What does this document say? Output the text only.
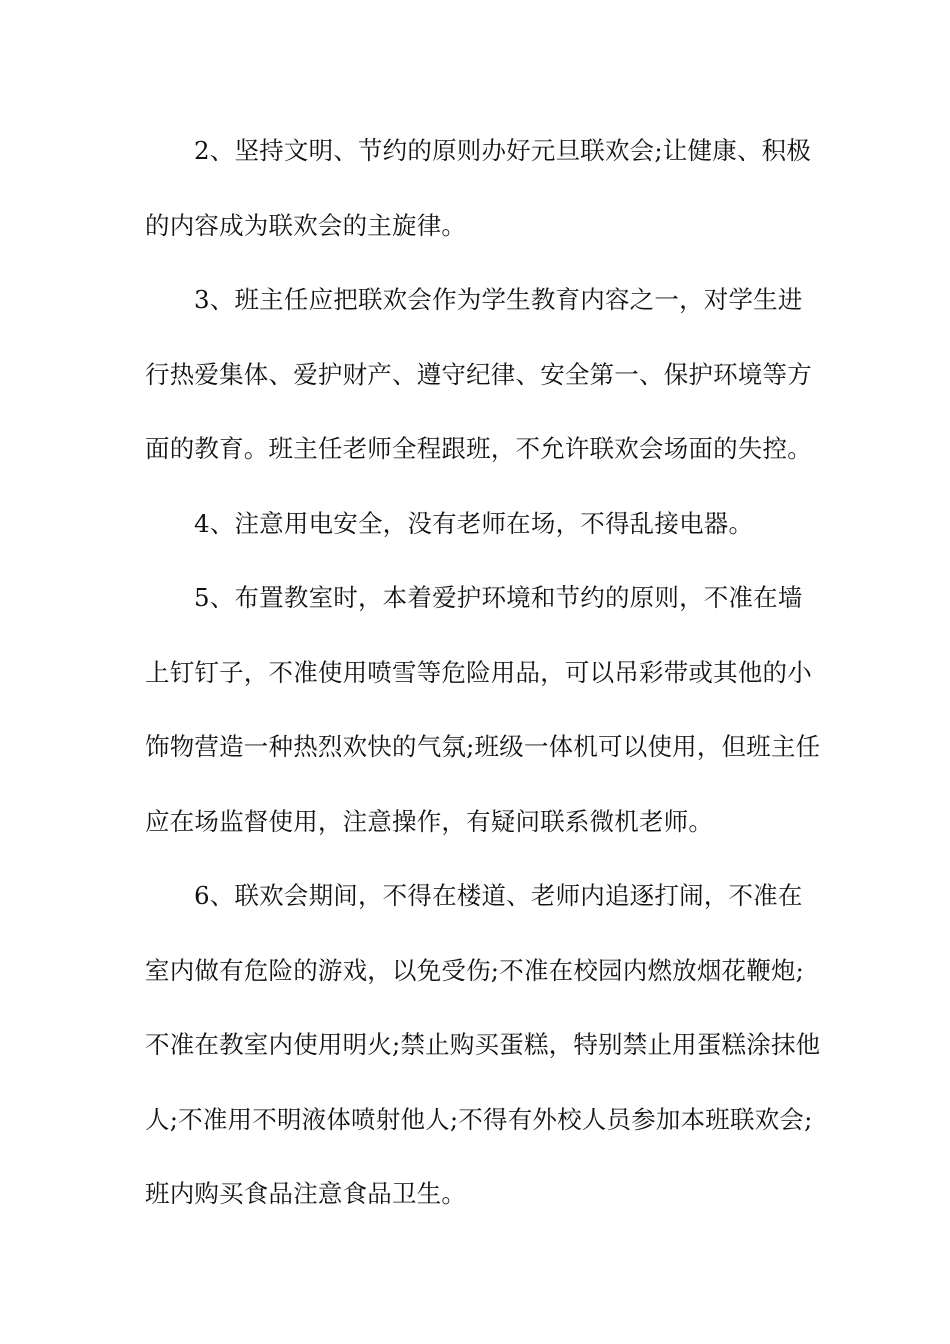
2、坚持文明、节约的原则办好元旦联欢会;让健康、积极的内容成为联欢会的主旋律。

3、班主任应把联欢会作为学生教育内容之一，对学生进行热爱集体、爱护财产、遵守纪律、安全第一、保护环境等方面的教育。班主任老师全程跟班，不允许联欢会场面的失控。

4、注意用电安全，没有老师在场，不得乱接电器。

5、布置教室时，本着爱护环境和节约的原则，不准在墙上钉钉子，不准使用喷雪等危险用品，可以吊彩带或其他的小饰物营造一种热烈欢快的气氛;班级一体机可以使用，但班主任应在场监督使用，注意操作，有疑问联系微机老师。

6、联欢会期间，不得在楼道、老师内追逐打闹，不准在室内做有危险的游戏，以免受伤;不准在校园内燃放烟花鞭炮;不准在教室内使用明火;禁止购买蛋糕，特别禁止用蛋糕涂抹他人;不准用不明液体喷射他人;不得有外校人员参加本班联欢会;班内购买食品注意食品卫生。
